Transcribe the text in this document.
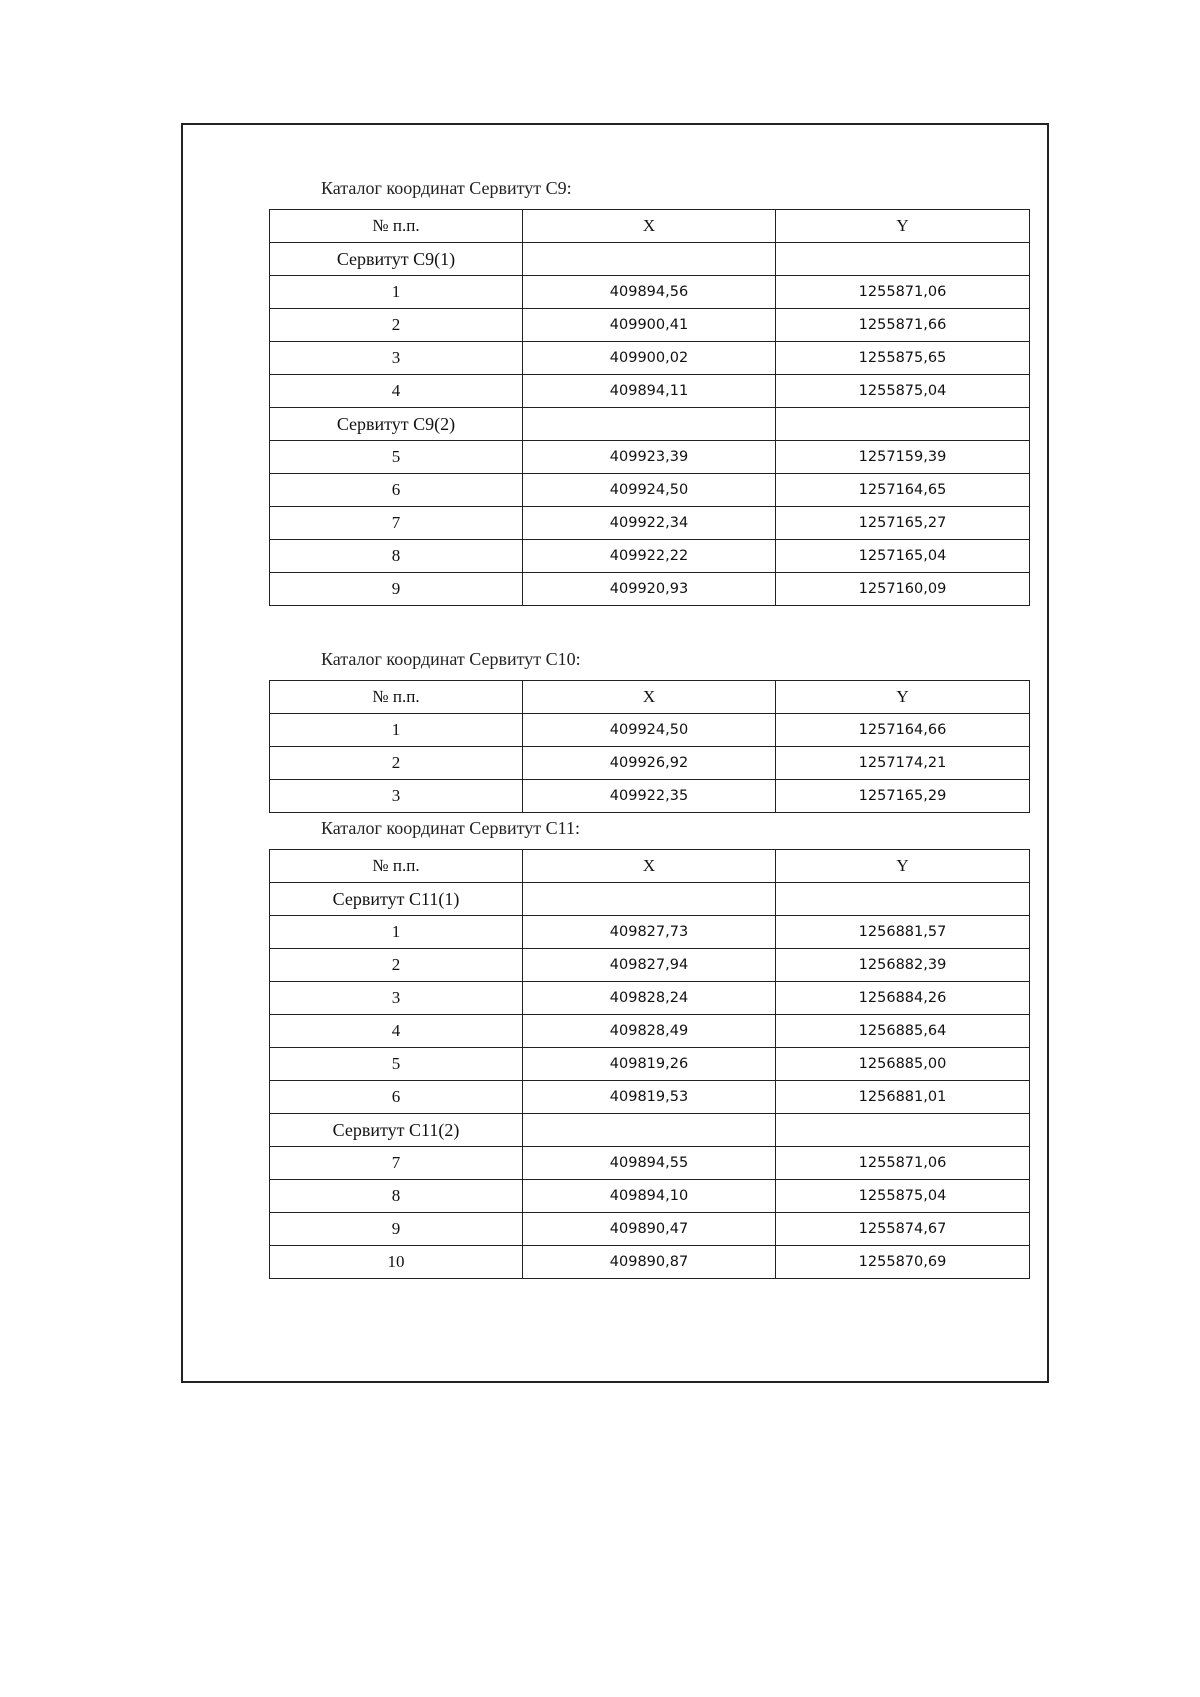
Каталог координат Сервитут С9:
№ п.п.	X	Y
Сервитут С9(1)		
1	409894,56	1255871,06
2	409900,41	1255871,66
3	409900,02	1255875,65
4	409894,11	1255875,04
Сервитут С9(2)		
5	409923,39	1257159,39
6	409924,50	1257164,65
7	409922,34	1257165,27
8	409922,22	1257165,04
9	409920,93	1257160,09
Каталог координат Сервитут С10:
№ п.п.	X	Y
1	409924,50	1257164,66
2	409926,92	1257174,21
3	409922,35	1257165,29
Каталог координат Сервитут С11:
№ п.п.	X	Y
Сервитут С11(1)		
1	409827,73	1256881,57
2	409827,94	1256882,39
3	409828,24	1256884,26
4	409828,49	1256885,64
5	409819,26	1256885,00
6	409819,53	1256881,01
Сервитут С11(2)		
7	409894,55	1255871,06
8	409894,10	1255875,04
9	409890,47	1255874,67
10	409890,87	1255870,69
